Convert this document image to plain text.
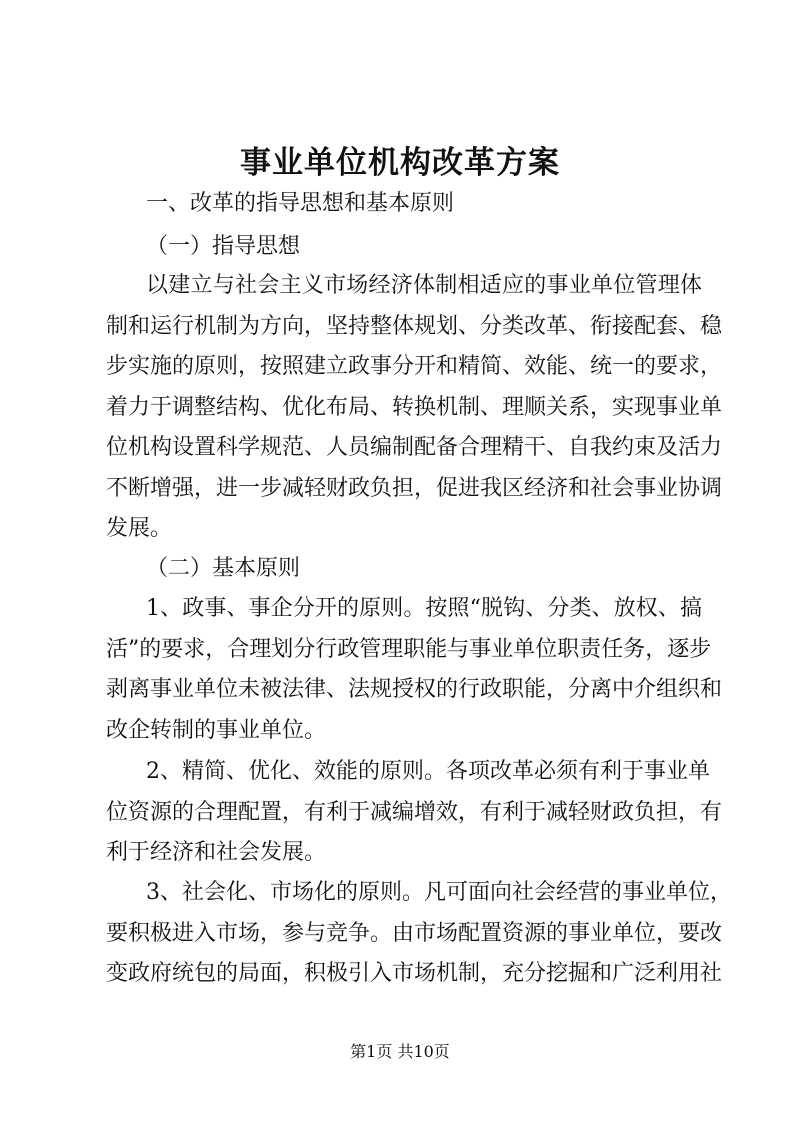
事业单位机构改革方案

一、改革的指导思想和基本原则

（一）指导思想

以建立与社会主义市场经济体制相适应的事业单位管理体
制和运行机制为方向，坚持整体规划、分类改革、衔接配套、稳
步实施的原则，按照建立政事分开和精简、效能、统一的要求，
着力于调整结构、优化布局、转换机制、理顺关系，实现事业单
位机构设置科学规范、人员编制配备合理精干、自我约束及活力
不断增强，进一步减轻财政负担，促进我区经济和社会事业协调
发展。

（二）基本原则

1、政事、事企分开的原则。按照“脱钩、分类、放权、搞
活”的要求，合理划分行政管理职能与事业单位职责任务，逐步
剥离事业单位未被法律、法规授权的行政职能，分离中介组织和
改企转制的事业单位。
2、精简、优化、效能的原则。各项改革必须有利于事业单
位资源的合理配置，有利于减编增效，有利于减轻财政负担，有
利于经济和社会发展。
3、社会化、市场化的原则。凡可面向社会经营的事业单位，
要积极进入市场，参与竞争。由市场配置资源的事业单位，要改
变政府统包的局面，积极引入市场机制，充分挖掘和广泛利用社
第1页 共10页
